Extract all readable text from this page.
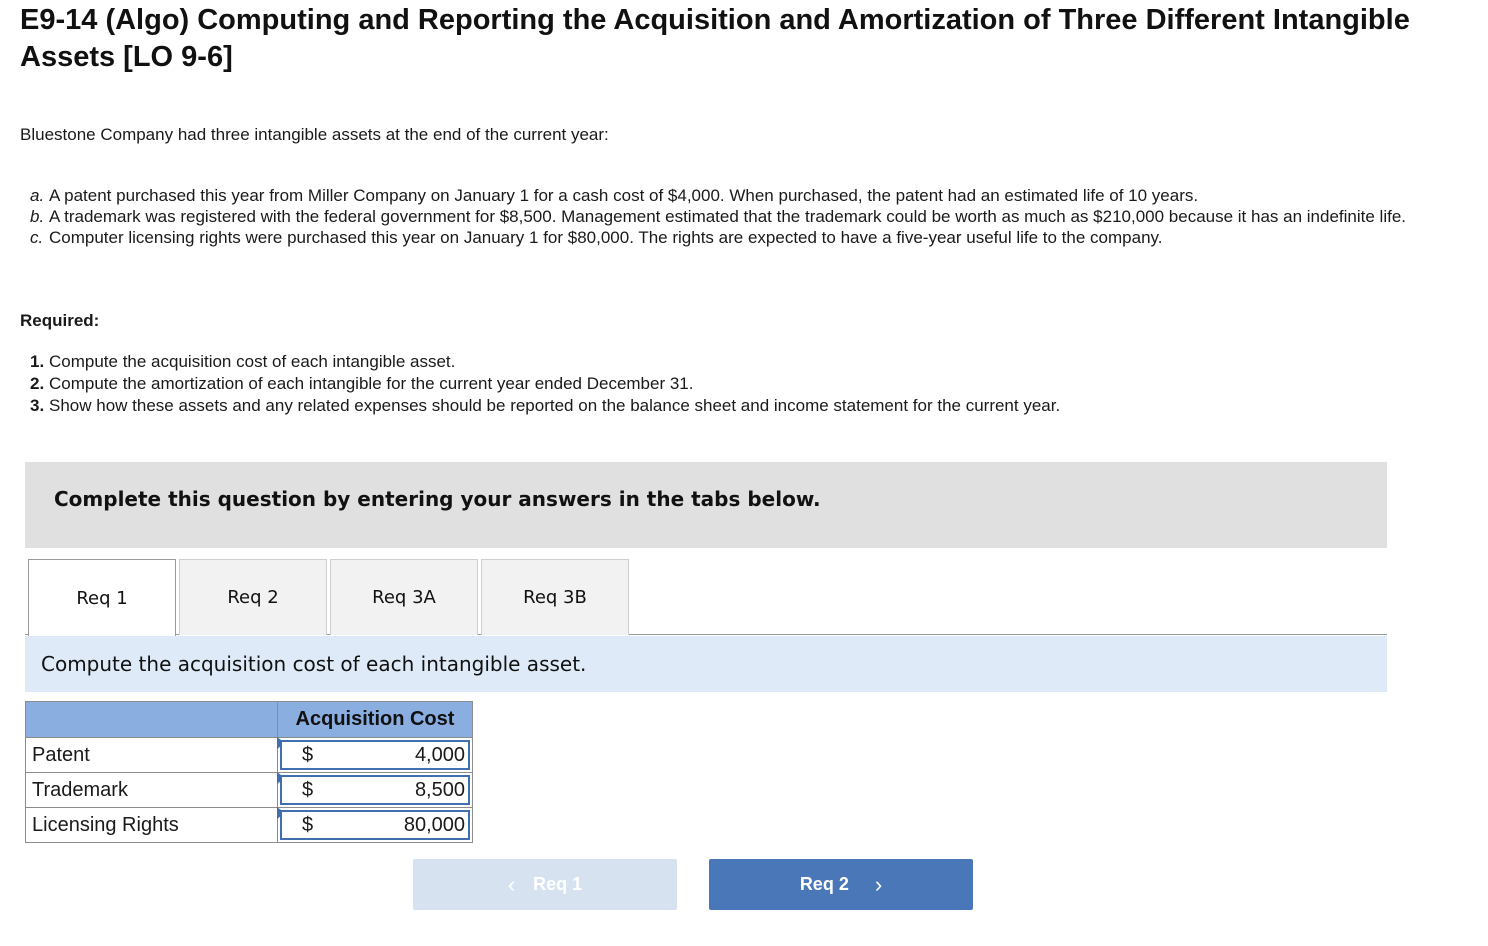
E9-14 (Algo) Computing and Reporting the Acquisition and Amortization of Three Different Intangible Assets [LO 9-6]

Bluestone Company had three intangible assets at the end of the current year:

a. A patent purchased this year from Miller Company on January 1 for a cash cost of $4,000. When purchased, the patent had an estimated life of 10 years.
b. A trademark was registered with the federal government for $8,500. Management estimated that the trademark could be worth as much as $210,000 because it has an indefinite life.
c. Computer licensing rights were purchased this year on January 1 for $80,000. The rights are expected to have a five-year useful life to the company.

Required:

1. Compute the acquisition cost of each intangible asset.
2. Compute the amortization of each intangible for the current year ended December 31.
3. Show how these assets and any related expenses should be reported on the balance sheet and income statement for the current year.

Complete this question by entering your answers in the tabs below.

Req 1	Req 2	Req 3A	Req 3B

Compute the acquisition cost of each intangible asset.

	Acquisition Cost
Patent	$ 4,000

Trademark	$ 8,500

Licensing Rights	$ 80,000
‹ Req 1	Req 2 ›
